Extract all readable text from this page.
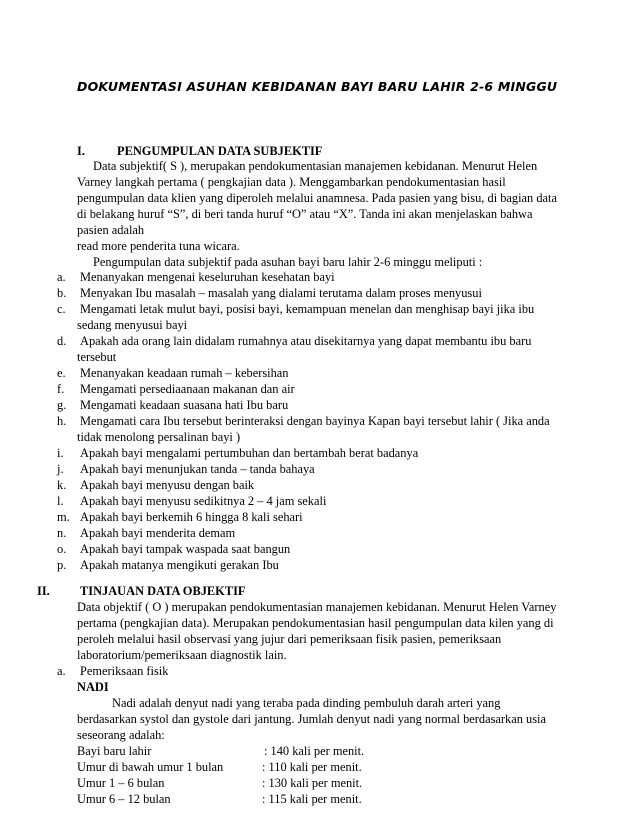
DOKUMENTASI ASUHAN KEBIDANAN BAYI BARU LAHIR 2-6 MINGGU
I.	PENGUMPULAN DATA SUBJEKTIF
Data subjektif( S ), merupakan pendokumentasian manajemen kebidanan. Menurut Helen
Varney langkah pertama ( pengkajian data ). Menggambarkan pendokumentasian hasil
pengumpulan data klien yang diperoleh melalui anamnesa. Pada pasien yang bisu, di bagian data
di belakang huruf “S”, di beri tanda huruf “O” atau “X”. Tanda ini akan menjelaskan bahwa
pasien adalah
read more penderita tuna wicara.
Pengumpulan data subjektif pada asuhan bayi baru lahir 2-6 minggu meliputi :
a. Menanyakan mengenai keseluruhan kesehatan bayi
b. Menyakan Ibu masalah – masalah yang dialami terutama dalam proses menyusui
c. Mengamati letak mulut bayi, posisi bayi, kemampuan menelan dan menghisap bayi jika ibu
sedang menyusui bayi
d. Apakah ada orang lain didalam rumahnya atau disekitarnya yang dapat membantu ibu baru
tersebut
e. Menanyakan keadaan rumah – kebersihan
f. Mengamati persediaanaan makanan dan air
g. Mengamati keadaan suasana hati Ibu baru
h. Mengamati cara Ibu tersebut berinteraksi dengan bayinya Kapan bayi tersebut lahir ( Jika anda
tidak menolong persalinan bayi )
i. Apakah bayi mengalami pertumbuhan dan bertambah berat badanya
j. Apakah bayi menunjukan tanda – tanda bahaya
k. Apakah bayi menyusu dengan baik
l. Apakah bayi menyusu sedikitnya 2 – 4 jam sekali
m. Apakah bayi berkemih 6 hingga 8 kali sehari
n. Apakah bayi menderita demam
o. Apakah bayi tampak waspada saat bangun
p. Apakah matanya mengikuti gerakan Ibu
II. TINJAUAN DATA OBJEKTIF
Data objektif ( O ) merupakan pendokumentasian manajemen kebidanan. Menurut Helen Varney
pertama (pengkajian data). Merupakan pendokumentasian hasil pengumpulan data kilen yang di
peroleh melalui hasil observasi yang jujur dari pemeriksaan fisik pasien, pemeriksaan
laboratorium/pemeriksaan diagnostik lain.
a. Pemeriksaan fisik
NADI
Nadi adalah denyut nadi yang teraba pada dinding pembuluh darah arteri yang
berdasarkan systol dan gystole dari jantung. Jumlah denyut nadi yang normal berdasarkan usia
seseorang adalah:
Bayi baru lahir	: 140 kali per menit.
Umur di bawah umur 1 bulan	: 110 kali per menit.
Umur 1 – 6 bulan	: 130 kali per menit.
Umur 6 – 12 bulan	: 115 kali per menit.
